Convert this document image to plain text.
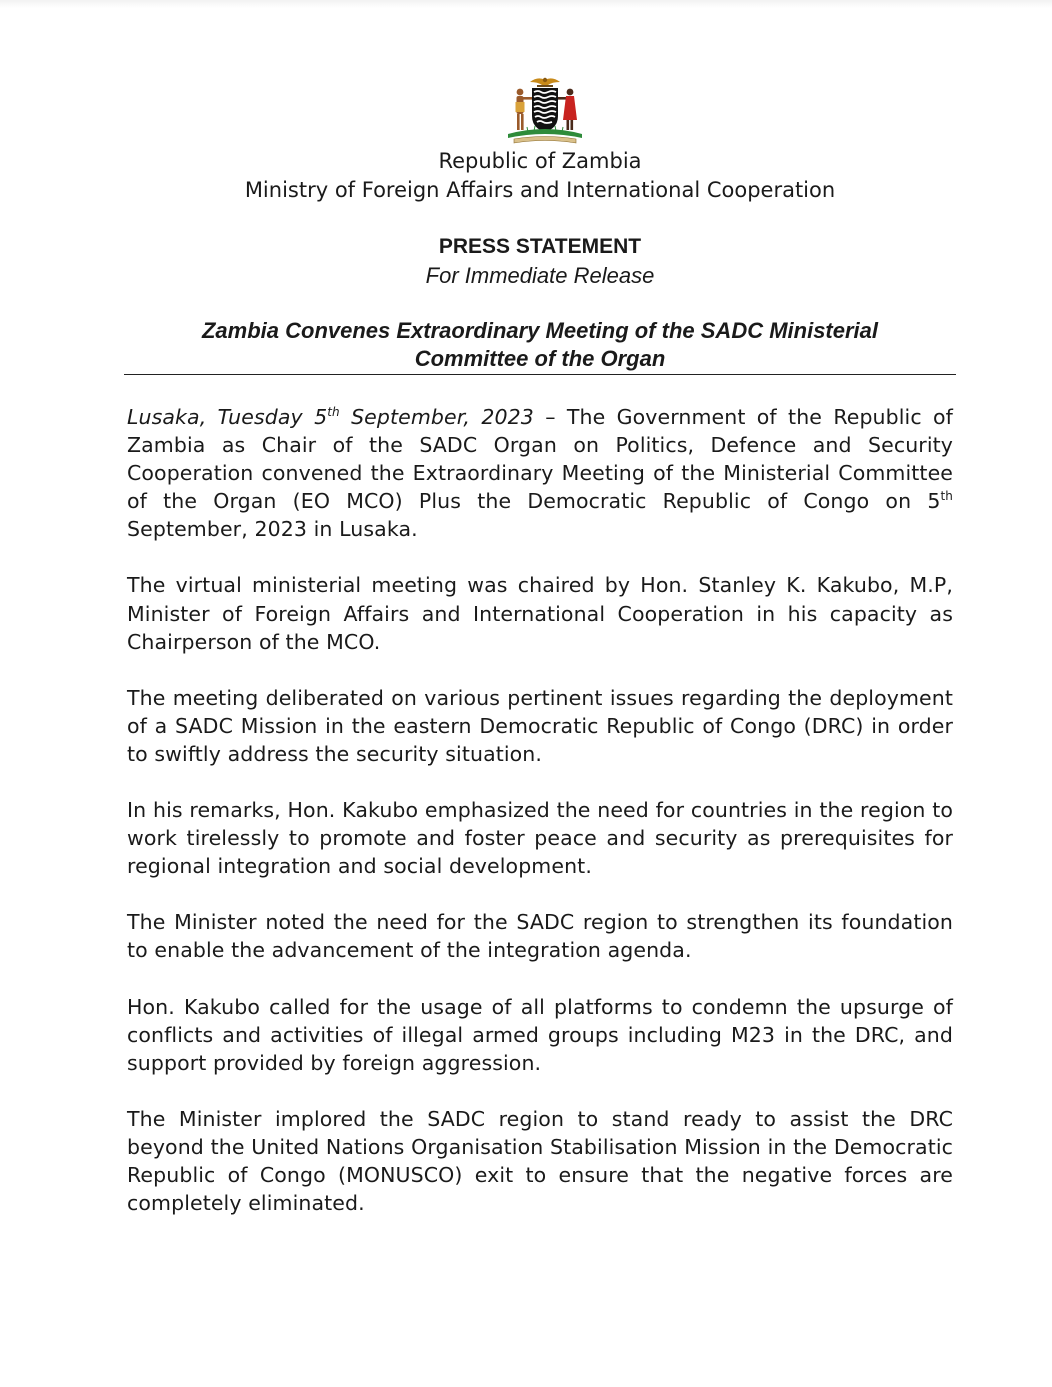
Republic of Zambia
Ministry of Foreign Affairs and International Cooperation
PRESS STATEMENT
For Immediate Release
Zambia Convenes Extraordinary Meeting of the SADC Ministerial
Committee of the Organ

Lusaka, Tuesday 5th September, 2023 – The Government of the Republic of Zambia as Chair of the SADC Organ on Politics, Defence and Security Cooperation convened the Extraordinary Meeting of the Ministerial Committee of the Organ (EO MCO) Plus the Democratic Republic of Congo on 5th September, 2023 in Lusaka.

The virtual ministerial meeting was chaired by Hon. Stanley K. Kakubo, M.P, Minister of Foreign Affairs and International Cooperation in his capacity as Chairperson of the MCO.

The meeting deliberated on various pertinent issues regarding the deployment of a SADC Mission in the eastern Democratic Republic of Congo (DRC) in order to swiftly address the security situation.

In his remarks, Hon. Kakubo emphasized the need for countries in the region to work tirelessly to promote and foster peace and security as prerequisites for regional integration and social development.

The Minister noted the need for the SADC region to strengthen its foundation to enable the advancement of the integration agenda.

Hon. Kakubo called for the usage of all platforms to condemn the upsurge of conflicts and activities of illegal armed groups including M23 in the DRC, and support provided by foreign aggression.

The Minister implored the SADC region to stand ready to assist the DRC beyond the United Nations Organisation Stabilisation Mission in the Democratic Republic of Congo (MONUSCO) exit to ensure that the negative forces are completely eliminated.
